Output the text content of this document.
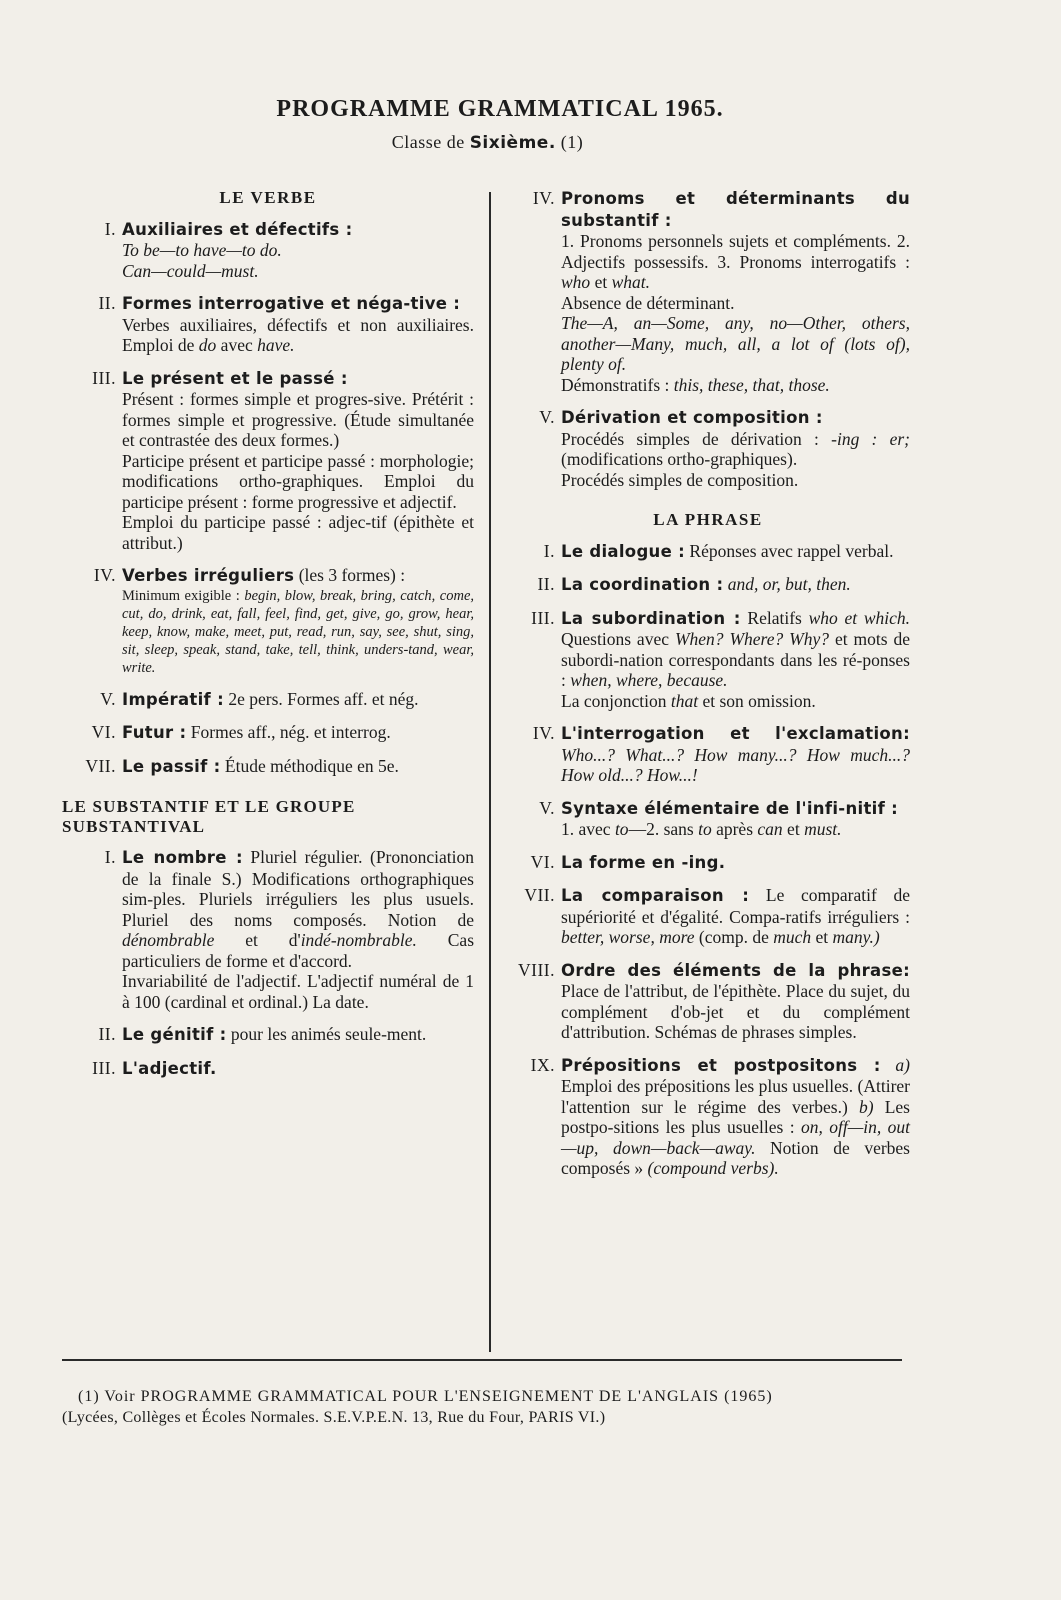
PROGRAMME GRAMMATICAL 1965.
Classe de Sixième. (1)
LE VERBE
I. Auxiliaires et défectifs :
To be—to have—to do.
Can—could—must.
II. Formes interrogative et néga-tive :
Verbes auxiliaires, défectifs et non auxiliaires. Emploi de do avec have.
III. Le présent et le passé :

Présent : formes simple et progres-sive. Prétérit : formes simple et progressive. (Étude simultanée et contrastée des deux formes.)

Participe présent et participe passé : morphologie; modifications ortho-graphiques. Emploi du participe présent : forme progressive et adjectif.

Emploi du participe passé : adjec-tif (épithète et attribut.)

IV. Verbes irréguliers (les 3 formes) :

Minimum exigible : begin, blow, break, bring, catch, come, cut, do, drink, eat, fall, feel, find, get, give, go, grow, hear, keep, know, make, meet, put, read, run, say, see, shut, sing, sit, sleep, speak, stand, take, tell, think, unders-tand, wear, write.

V. Impératif : 2e pers. Formes aff. et nég.
VI. Futur : Formes aff., nég. et interrog.
VII. Le passif : Étude méthodique en 5e.
LE SUBSTANTIF ET LE GROUPE SUBSTANTIVAL
I. Le nombre : Pluriel régulier. (Prononciation de la finale S.) Modifications orthographiques sim-ples. Pluriels irréguliers les plus usuels. Pluriel des noms composés. Notion de dénombrable et d'indé-nombrable. Cas particuliers de forme et d'accord.

Invariabilité de l'adjectif. L'adjectif numéral de 1 à 100 (cardinal et ordinal.) La date.

II. Le génitif : pour les animés seule-ment.
III. L'adjectif.
IV. Pronoms et déterminants du substantif :

1. Pronoms personnels sujets et compléments. 2. Adjectifs possessifs. 3. Pronoms interrogatifs : who et what.

Absence de déterminant.

The—A, an—Some, any, no—Other, others, another—Many, much, all, a lot of (lots of), plenty of.

Démonstratifs : this, these, that, those.

V. Dérivation et composition :

Procédés simples de dérivation : -ing : er; (modifications ortho-graphiques).

Procédés simples de composition.

LA PHRASE
I. Le dialogue : Réponses avec rappel verbal.
II. La coordination : and, or, but, then.
III. La subordination : Relatifs who et which. Questions avec When? Where? Why? et mots de subordi-nation correspondants dans les ré-ponses : when, where, because.

La conjonction that et son omission.

IV. L'interrogation et l'exclamation: Who...? What...? How many...? How much...? How old...? How...!
V. Syntaxe élémentaire de l'infi-nitif :

1. avec to—2. sans to après can et must.

VI. La forme en -ing.
VII. La comparaison : Le comparatif de supériorité et d'égalité. Compa-ratifs irréguliers : better, worse, more (comp. de much et many.)
VIII. Ordre des éléments de la phrase: Place de l'attribut, de l'épithète. Place du sujet, du complément d'ob-jet et du complément d'attribution. Schémas de phrases simples.
IX. Prépositions et postpositons : a) Emploi des prépositions les plus usuelles. (Attirer l'attention sur le régime des verbes.) b) Les postpo-sitions les plus usuelles : on, off—in, out—up, down—back—away. Notion de verbes composés » (compound verbs).
(1) Voir PROGRAMME GRAMMATICAL POUR L'ENSEIGNEMENT DE L'ANGLAIS (1965)
(Lycées, Collèges et Écoles Normales. S.E.V.P.E.N. 13, Rue du Four, PARIS VI.)
